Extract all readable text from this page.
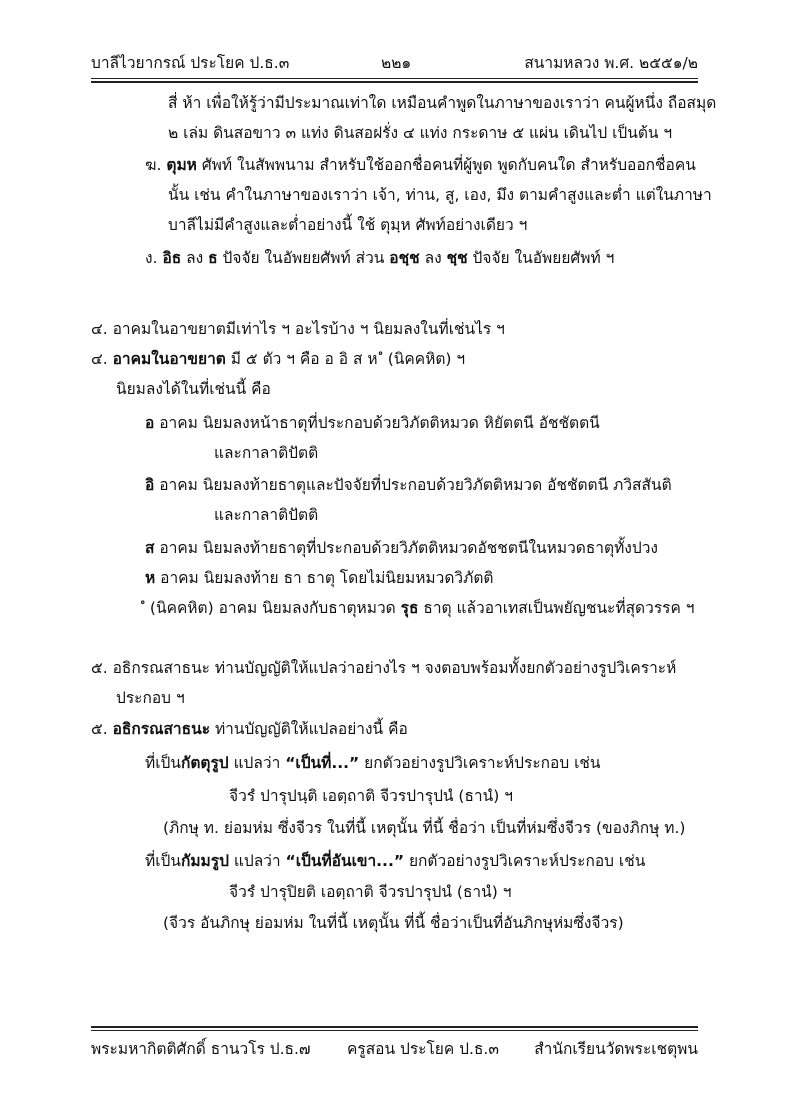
บาลีไวยากรณ์ ประโยค ป.ธ.๓	๒๒๑	สนามหลวง พ.ศ. ๒๕๕๑/๒
สี่ ห้า เพื่อให้รู้ว่ามีประมาณเท่าใด เหมือนคำพูดในภาษาของเราว่า คนผู้หนึ่ง ถือสมุด
๒ เล่ม ดินสอขาว ๓ แท่ง ดินสอฝรั่ง ๔ แท่ง กระดาษ ๕ แผ่น เดินไป เป็นต้น ฯ
ฆ. ตุมห ศัพท์ ในสัพพนาม สำหรับใช้ออกชื่อคนที่ผู้พูด พูดกับคนใด สำหรับออกชื่อคน
นั้น เช่น คำในภาษาของเราว่า เจ้า, ท่าน, สู, เอง, มึง ตามคำสูงและต่ำ แต่ในภาษา
บาลีไม่มีคำสูงและต่ำอย่างนี้ ใช้ ตุมฺห ศัพท์อย่างเดียว ฯ
ง. อิธ ลง ธ ปัจจัย ในอัพยยศัพท์ ส่วน อชฺช ลง ชฺช ปัจจัย ในอัพยยศัพท์ ฯ
๔. อาคมในอาขยาตมีเท่าไร ฯ อะไรบ้าง ฯ นิยมลงในที่เช่นไร ฯ
๔. อาคมในอาขยาต มี ๕ ตัว ฯ คือ อ อิ ส ห ํ (นิคคหิต) ฯ
นิยมลงได้ในที่เช่นนี้ คือ
อ อาคม นิยมลงหน้าธาตุที่ประกอบด้วยวิภัตติหมวด หิยัตตนี อัชชัตตนี
และกาลาติปัตติ
อิ อาคม นิยมลงท้ายธาตุและปัจจัยที่ประกอบด้วยวิภัตติหมวด อัชชัตตนี ภวิสสันติ
และกาลาติปัตติ
ส อาคม นิยมลงท้ายธาตุที่ประกอบด้วยวิภัตติหมวดอัชชตนีในหมวดธาตุทั้งปวง
ห อาคม นิยมลงท้าย ธา ธาตุ โดยไม่นิยมหมวดวิภัตติ
ํ (นิคคหิต) อาคม นิยมลงกับธาตุหมวด รุธ ธาตุ แล้วอาเทสเป็นพยัญชนะที่สุดวรรค ฯ
๕. อธิกรณสาธนะ ท่านบัญญัติให้แปลว่าอย่างไร ฯ จงตอบพร้อมทั้งยกตัวอย่างรูปวิเคราะห์
ประกอบ ฯ
๕. อธิกรณสาธนะ ท่านบัญญัติให้แปลอย่างนี้ คือ
ที่เป็นกัตตุรูป แปลว่า “เป็นที่...” ยกตัวอย่างรูปวิเคราะห์ประกอบ เช่น
จีวรํ ปารุปนฺติ เอตฺถาติ จีวรปารุปนํ (ธานํ) ฯ
(ภิกษุ ท. ย่อมห่ม ซึ่งจีวร ในที่นี้ เหตุนั้น ที่นี้ ชื่อว่า เป็นที่ห่มซึ่งจีวร (ของภิกษุ ท.)
ที่เป็นกัมมรูป แปลว่า “เป็นที่อันเขา...” ยกตัวอย่างรูปวิเคราะห์ประกอบ เช่น
จีวรํ ปารุปิยติ เอตฺถาติ จีวรปารุปนํ (ธานํ) ฯ
(จีวร อันภิกษุ ย่อมห่ม ในที่นี้ เหตุนั้น ที่นี้ ชื่อว่าเป็นที่อันภิกษุห่มซึ่งจีวร)
พระมหากิตติศักดิ์ ธานวโร ป.ธ.๗ ครูสอน ประโยค ป.ธ.๓ สำนักเรียนวัดพระเชตุพน
